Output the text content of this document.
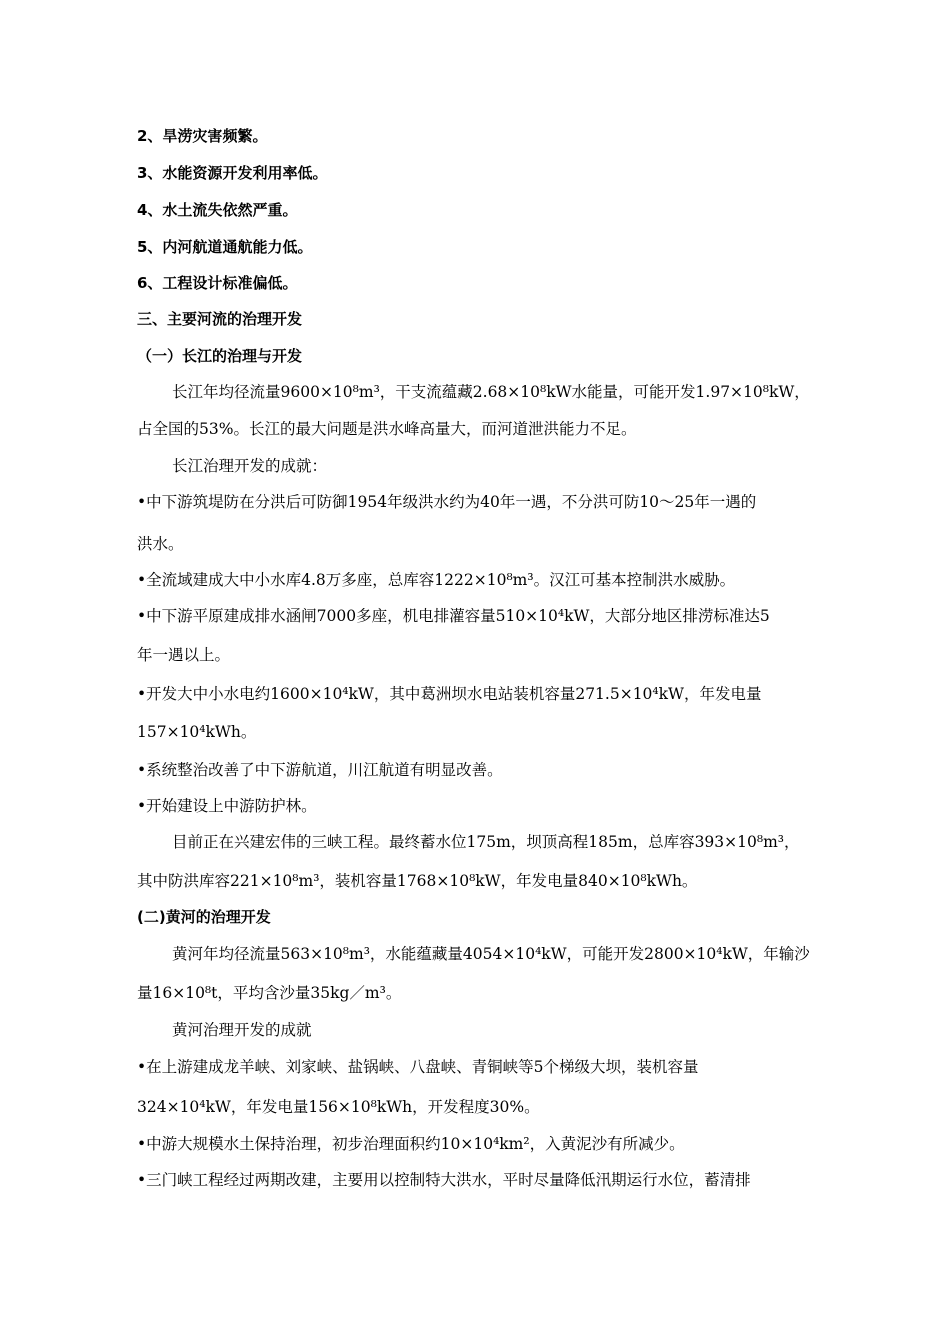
2、旱涝灾害频繁。
3、水能资源开发利用率低。
4、水土流失依然严重。
5、内河航道通航能力低。
6、工程设计标准偏低。
三、主要河流的治理开发
（一）长江的治理与开发
长江年均径流量9600×10⁸m³，干支流蕴藏2.68×10⁸kW水能量，可能开发1.97×10⁸kW，
占全国的53%。长江的最大问题是洪水峰高量大，而河道泄洪能力不足。
长江治理开发的成就：
•中下游筑堤防在分洪后可防御1954年级洪水约为40年一遇，不分洪可防10～25年一遇的
洪水。
•全流域建成大中小水库4.8万多座，总库容1222×10⁸m³。汉江可基本控制洪水威胁。
•中下游平原建成排水涵闸7000多座，机电排灌容量510×10⁴kW，大部分地区排涝标准达5
年一遇以上。
•开发大中小水电约1600×10⁴kW，其中葛洲坝水电站装机容量271.5×10⁴kW，年发电量
157×10⁴kWh。
•系统整治改善了中下游航道，川江航道有明显改善。
•开始建设上中游防护林。
目前正在兴建宏伟的三峡工程。最终蓄水位175m，坝顶高程185m，总库容393×10⁸m³，
其中防洪库容221×10⁸m³，装机容量1768×10⁸kW，年发电量840×10⁸kWh。
(二)黄河的治理开发
黄河年均径流量563×10⁸m³，水能蕴藏量4054×10⁴kW，可能开发2800×10⁴kW，年输沙
量16×10⁸t，平均含沙量35kg／m³。
黄河治理开发的成就
•在上游建成龙羊峡、刘家峡、盐锅峡、八盘峡、青铜峡等5个梯级大坝，装机容量
324×10⁴kW，年发电量156×10⁸kWh，开发程度30%。
•中游大规模水土保持治理，初步治理面积约10×10⁴km²，入黄泥沙有所减少。
•三门峡工程经过两期改建，主要用以控制特大洪水，平时尽量降低汛期运行水位，蓄清排
